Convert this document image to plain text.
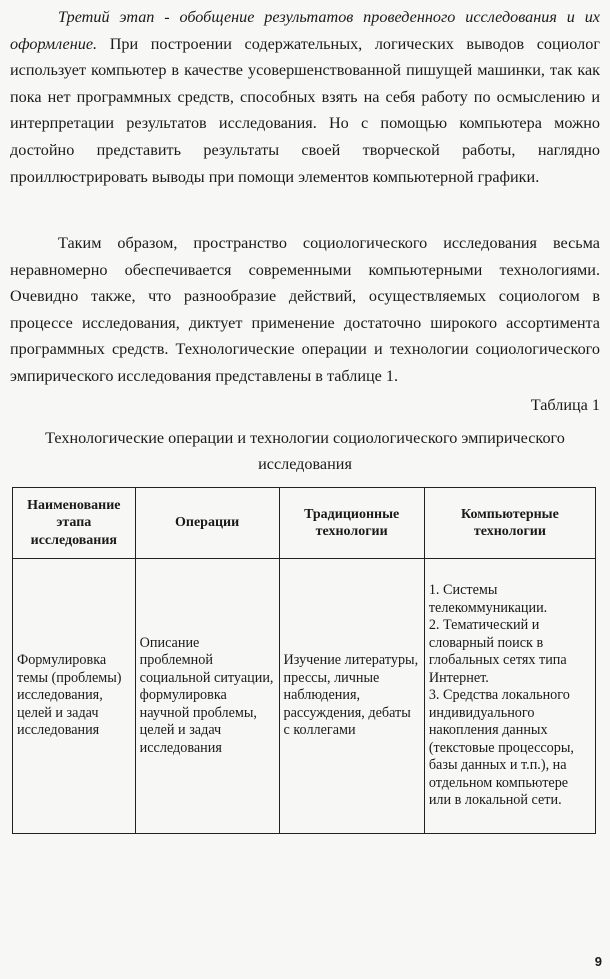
Третий этап - обобщение результатов проведенного исследования и их оформление. При построении содержательных, логических выводов социолог использует компьютер в качестве усовершенствованной пишущей машинки, так как пока нет программных средств, способных взять на себя работу по осмыслению и интерпретации результатов исследования. Но с помощью компьютера можно достойно представить результаты своей творческой работы, наглядно проиллюстрировать выводы при помощи элементов компьютерной графики.

Таким образом, пространство социологического исследования весьма неравномерно обеспечивается современными компьютерными технологиями. Очевидно также, что разнообразие действий, осуществляемых социологом в процессе исследования, диктует применение достаточно широкого ассортимента программных средств. Технологические операции и технологии социологического эмпирического исследования представлены в таблице 1.

Таблица 1
Технологические операции и технологии социологического эмпирического исследования
Наименование этапа исследования	Операции	Традиционные технологии	Компьютерные технологии
Формулировка темы (проблемы) исследования, целей и задач исследования	Описание проблемной социальной ситуации, формулировка научной проблемы, целей и задач исследования	Изучение литературы, прессы, личные наблюдения, рассуждения, дебаты с коллегами	1. Системы телекоммуникации.
2. Тематический и словарный поиск в глобальных сетях типа Интернет.
3. Средства локального индивидуального накопления данных (текстовые процессоры, базы данных и т.п.), на отдельном компьютере или в локальной сети.
9
